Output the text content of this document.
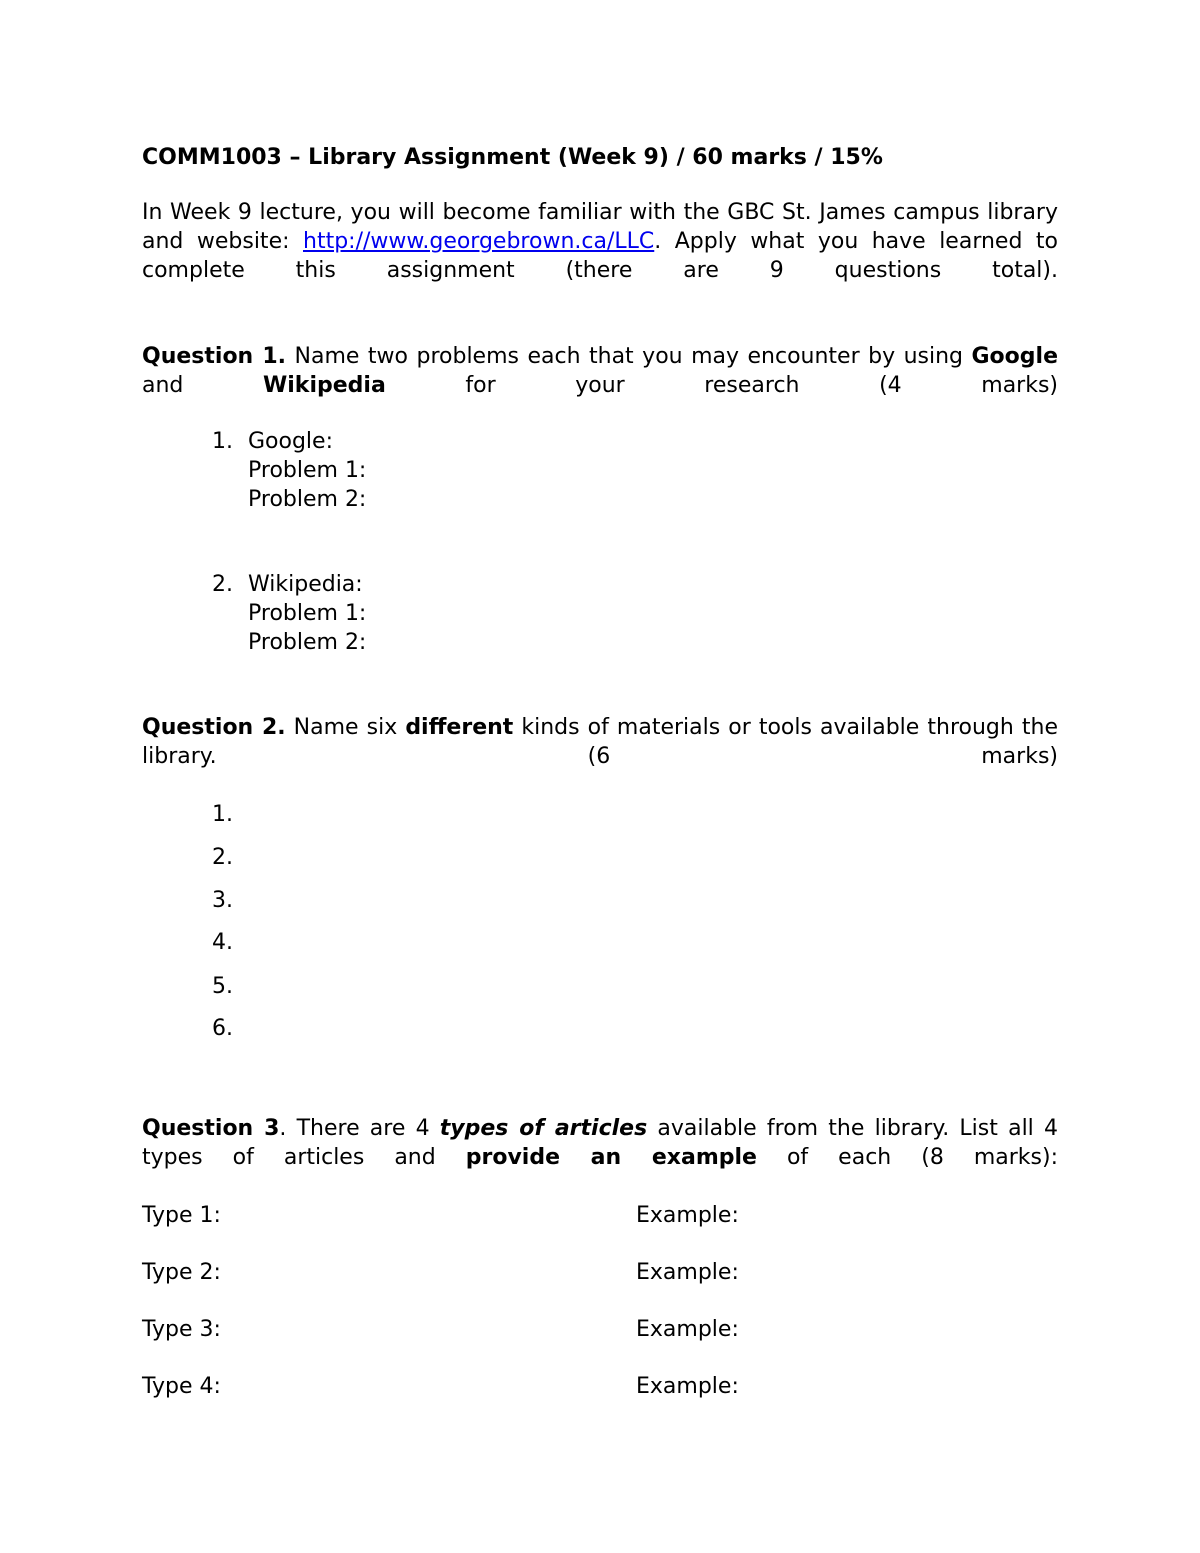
COMM1003 – Library Assignment (Week 9) / 60 marks / 15%
In Week 9 lecture, you will become familiar with the GBC St. James campus library and website: http://www.georgebrown.ca/LLC. Apply what you have learned to complete this assignment (there are 9 questions total).
Question 1. Name two problems each that you may encounter by using Google and Wikipedia for your research (4 marks)
1. Google:
Problem 1:
Problem 2:
2. Wikipedia:
Problem 1:
Problem 2:
Question 2. Name six different kinds of materials or tools available through the library. (6 marks)
1.
2.
3.
4.
5.
6.
Question 3. There are 4 types of articles available from the library. List all 4 types of articles and provide an example of each (8 marks):
Type 1:	Example:
Type 2:	Example:
Type 3:	Example:
Type 4:	Example:
